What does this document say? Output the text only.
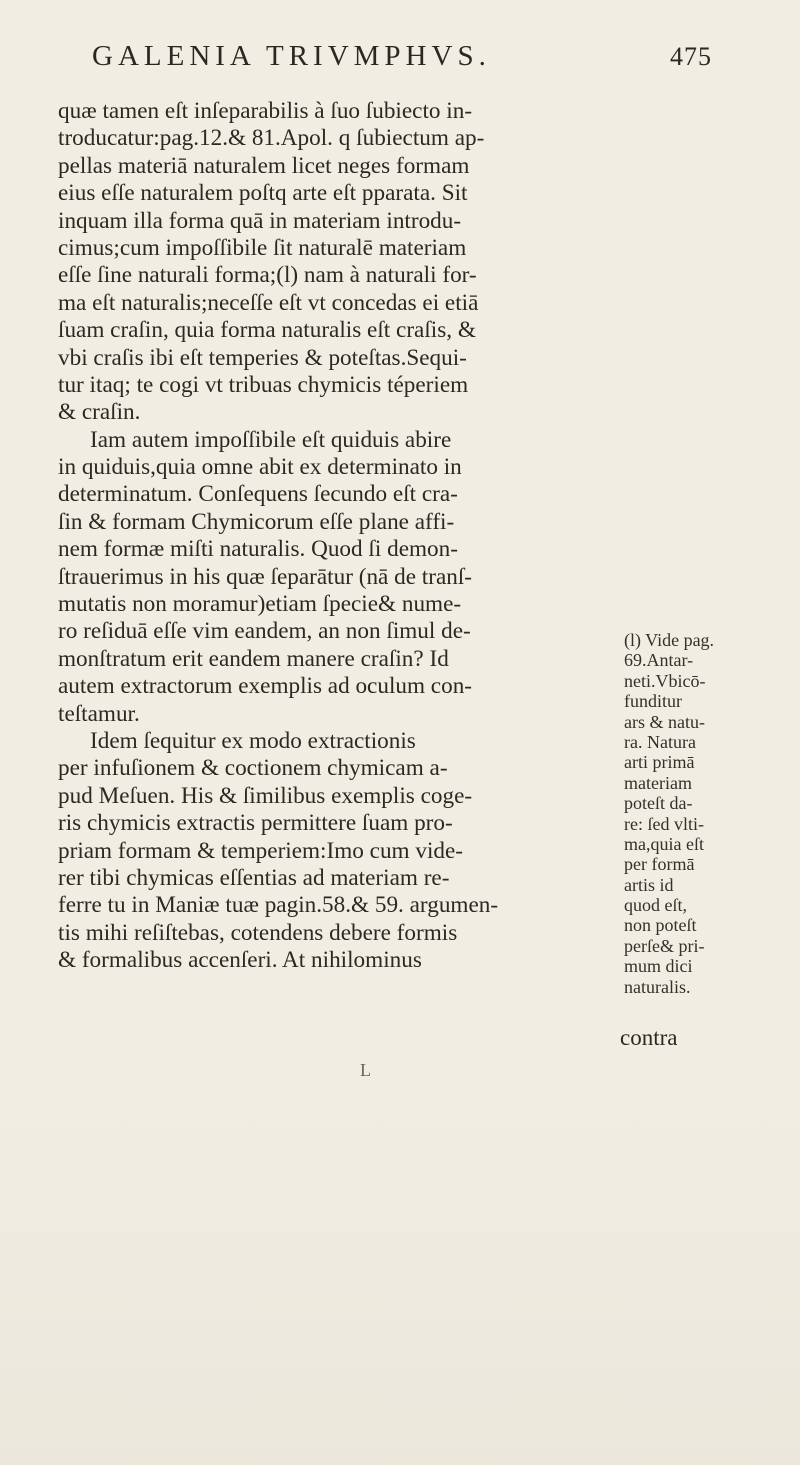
GALENIA TRIVMPHVS.	475
quæ tamen eſt inſeparabilis à ſuo ſubiecto in-
troducatur:pag.12.& 81.Apol. q ſubiectum ap-
pellas materiā naturalem licet neges formam
eius eſſe naturalem poſtq arte eſt pparata. Sit
inquam illa forma quā in materiam introdu-
cimus;cum impoſſibile ſit naturalē materiam
eſſe ſine naturali forma;(l) nam à naturali for-
ma eſt naturalis;neceſſe eſt vt concedas ei etiā
ſuam craſin, quia forma naturalis eſt craſis, &
vbi craſis ibi eſt temperies & poteſtas.Sequi-
tur itaq; te cogi vt tribuas chymicis téperiem
& craſin.
Iam autem impoſſibile eſt quiduis abire
in quiduis,quia omne abit ex determinato in
determinatum. Conſequens ſecundo eſt cra-
ſin & formam Chymicorum eſſe plane affi-
nem formæ miſti naturalis. Quod ſi demon-
ſtrauerimus in his quæ ſeparātur (nā de tranſ-
mutatis non moramur)etiam ſpecie& nume-
ro reſiduā eſſe vim eandem, an non ſimul de-
monſtratum erit eandem manere craſin? Id
autem extractorum exemplis ad oculum con-
teſtamur.
Idem ſequitur ex modo extractionis
per infuſionem & coctionem chymicam a-
pud Meſuen. His & ſimilibus exemplis coge-
ris chymicis extractis permittere ſuam pro-
priam formam & temperiem:Imo cum vide-
rer tibi chymicas eſſentias ad materiam re-
ferre tu in Maniæ tuæ pagin.58.& 59. argumen-
tis mihi reſiſtebas, cotendens debere formis
& formalibus accenſeri. At nihilominus
(l) Vide pag.
69.Antar-
neti.Vbicō-
funditur
ars & natu-
ra. Natura
arti primā
materiam
poteſt da-
re: ſed vlti-
ma,quia eſt
per formā
artis id
quod eſt,
non poteſt
perſe& pri-
mum dici
naturalis.
contra
L
